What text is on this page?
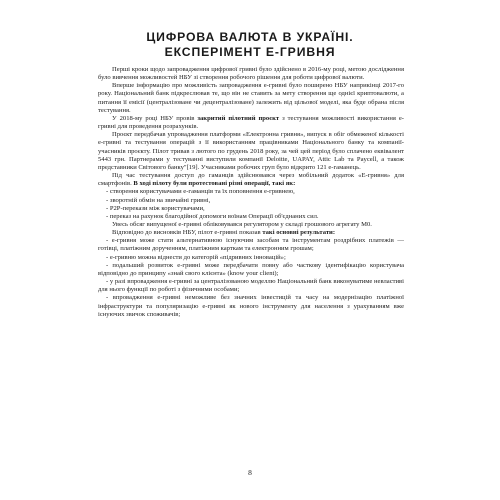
ЦИФРОВА ВАЛЮТА В УКРАЇНІ.
ЕКСПЕРІМЕНТ Е-ГРИВНЯ

Перші кроки щодо запровадження цифрової гривні було здійснено в 2016-му році, метою дослідження було вивчення можливостей НБУ зі створення робочого рішення для роботи цифрової валюти.

Вперше інформацію про можливість запровадження е-гривні було поширено НБУ наприкінці 2017-го року. Національний банк підкреслював те, що він не ставить за мету створення ще однієї криптовалюти, а питання її емісії (централізоване чи децентралізоване) залежить від цільової моделі, яка буде обрана після тестування.

У 2018-му році НБУ провів закритий пілотний проєкт з тестування можливості використання е-гривні для проведення розрахунків.

Проєкт передбачав упровадження платформи «Електронна гривня», випуск в обіг обмеженої кількості е-гривні та тестування операцій з її використанням працівниками Національного банку та компанії-учасників проєкту. Пілот тривав з лютого по грудень 2018 року, за чей цей період було сплачено еквівалент 5443 грн. Партнерами у тестуванні виступили компанії Deloitte, UAPAY, Attic Lab та Paycell, а також представники Світового банку"[19]. Учасниками робочих груп було відкрито 121 е-гаманець.

Під час тестування доступ до гаманців здійснювався через мобільний додаток «Е-гривня» для смартфонів. В ході пілоту були протестовані різні операції, такі як:

- створення користувачами е-гаманців та їх поповнення е-гривнею,

- зворотній обмін на звичайні гривні,

- P2P-перекази між користувачами,

- переказ на рахунок благодійної допомоги воїнам Операції об'єднаних сил.

Увесь обсяг випущеної е-гривні обліковувався регулятором у складі грошового агрегату М0.

Відповідно до висновків НБУ, пілот е-гривні показав такі основні результати:

- е-гривня може стати альтернативною існуючим засобам та інструментам роздрібних платежів — готівці, платіжним дорученням, платіжним карткам та електронним грошам;

- е-гривню можна віднести до категорій «підривних інновацій»;

- подальший розвиток е-гривні може передбачати повну або часткову ідентифікацію користувача відповідно до принципу «знай свого клієнта» (know your client);

- у разі впровадження е-гривні за централізованою моделлю Національний банк виконуватиме невластиві для нього функції по роботі з фізичними особами;

- впровадження е-гривні неможливе без значних інвестицій та часу на модернізацію платіжної інфраструктури та популяризацію е-гривні як нового інструменту для населення з урахуванням вже існуючих звичок споживачів;

8
